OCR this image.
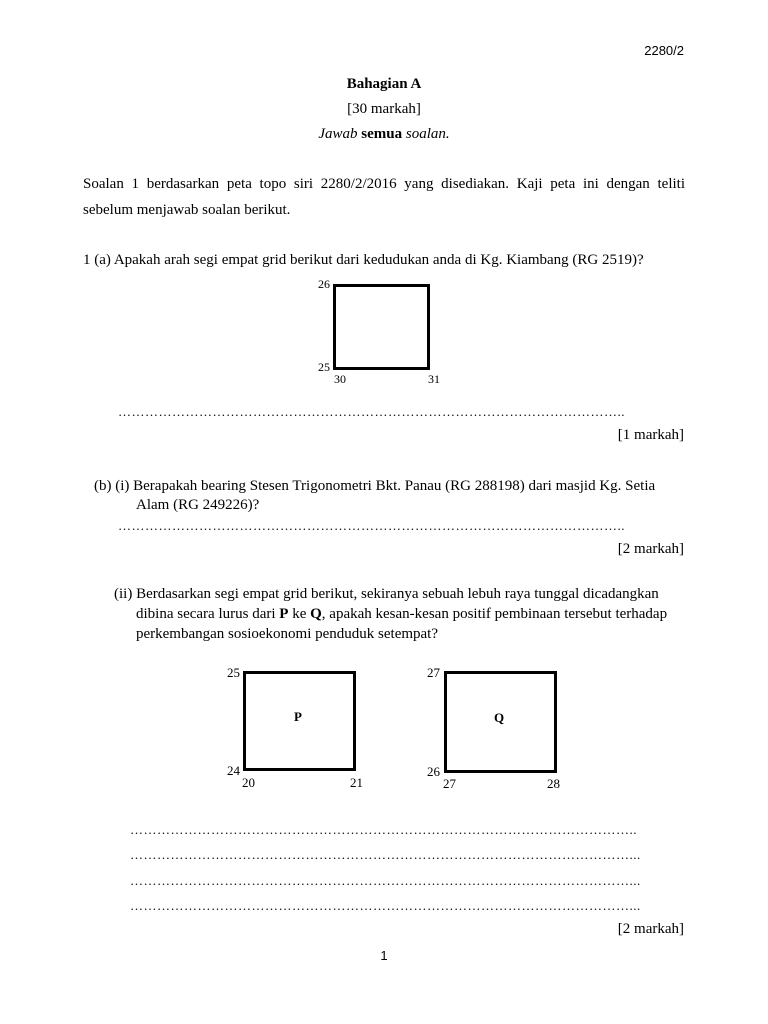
2280/2
Bahagian A
[30 markah]
Jawab semua soalan.
Soalan 1 berdasarkan peta topo siri 2280/2/2016 yang disediakan. Kaji peta ini dengan teliti
sebelum menjawab soalan berikut.
1 (a) Apakah arah segi empat grid berikut dari kedudukan anda di Kg. Kiambang (RG 2519)?
26
25
30	31
…………………………………………………………………………………………………..
[1 markah]
(b) (i) Berapakah bearing Stesen Trigonometri Bkt. Panau (RG 288198) dari masjid Kg. Setia
Alam (RG 249226)?
…………………………………………………………………………………………………..
[2 markah]
(ii) Berdasarkan segi empat grid berikut, sekiranya sebuah lebuh raya tunggal dicadangkan
dibina secara lurus dari P ke Q, apakah kesan-kesan positif pembinaan tersebut terhadap
perkembangan sosioekonomi penduduk setempat?
P
25
24
20	21
Q
27
26
27	28
…………………………………………………………………………………………………..
…………………………………………………………………………………………………...
…………………………………………………………………………………………………...
…………………………………………………………………………………………………...
[2 markah]
1
